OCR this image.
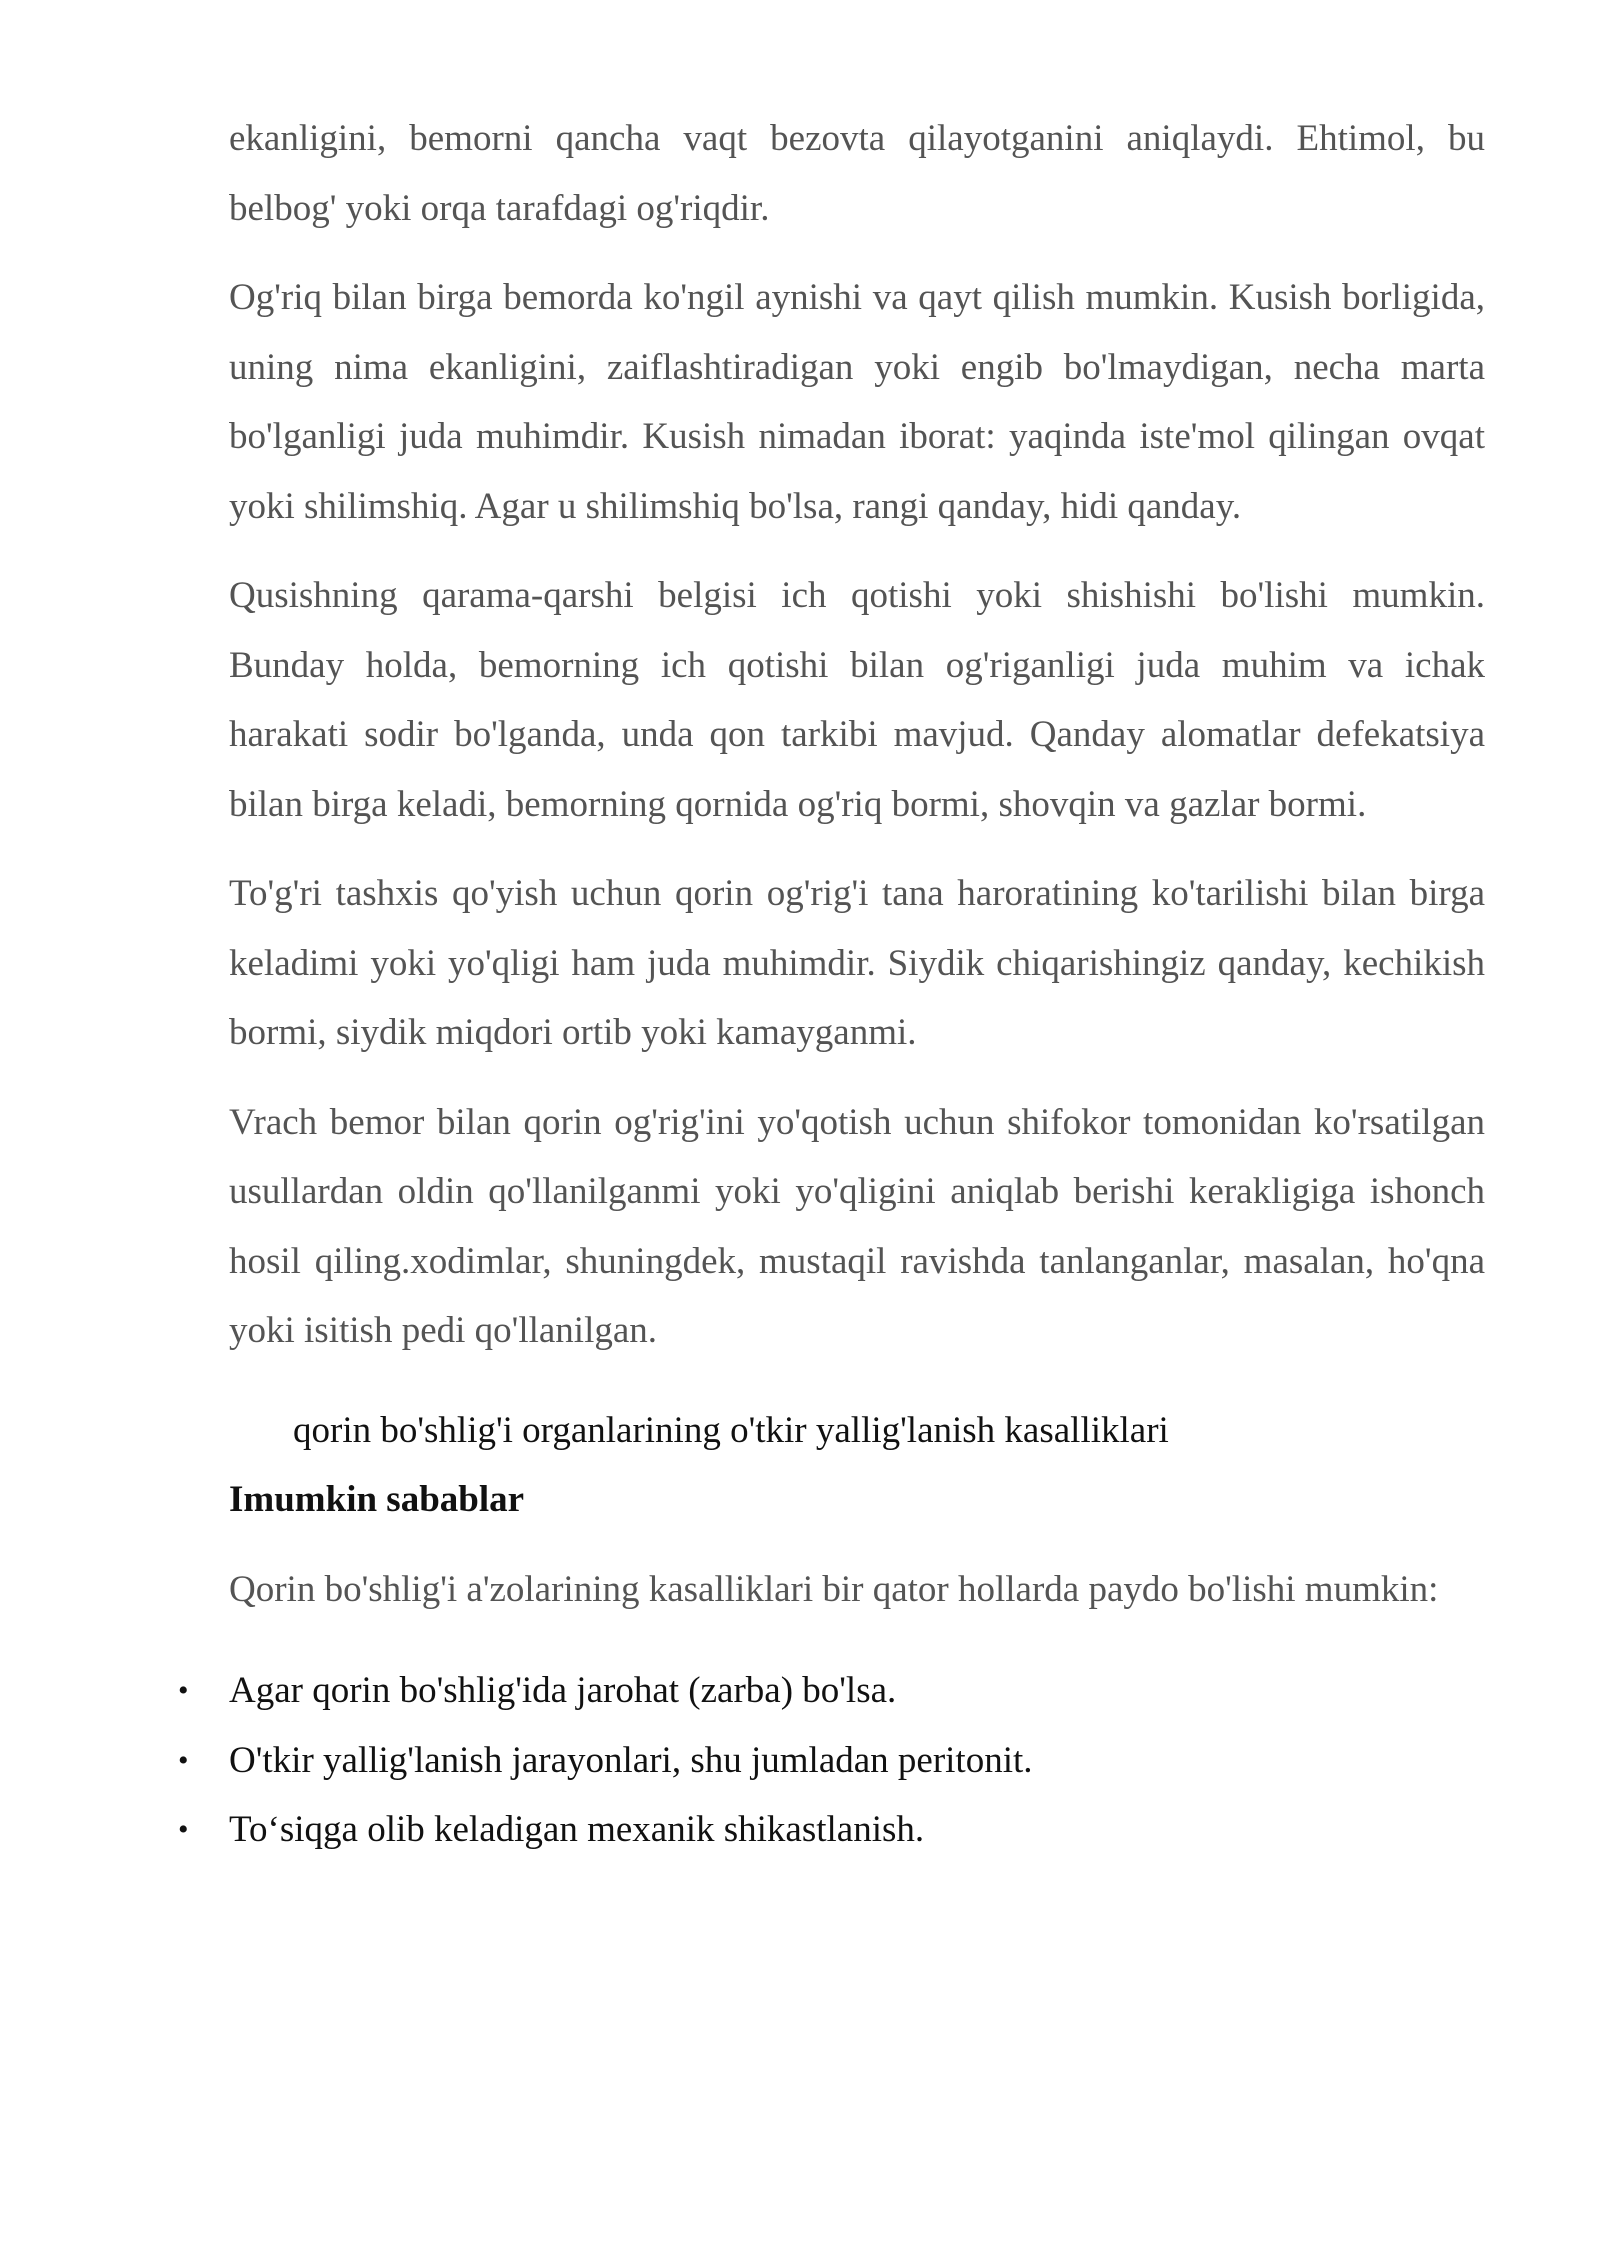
ekanligini, bemorni qancha vaqt bezovta qilayotganini aniqlaydi. Ehtimol, bu belbog' yoki orqa tarafdagi og'riqdir.

Og'riq bilan birga bemorda ko'ngil aynishi va qayt qilish mumkin. Kusish borligida, uning nima ekanligini, zaiflashtiradigan yoki engib bo'lmaydigan, necha marta bo'lganligi juda muhimdir. Kusish nimadan iborat: yaqinda iste'mol qilingan ovqat yoki shilimshiq. Agar u shilimshiq bo'lsa, rangi qanday, hidi qanday.

Qusishning qarama-qarshi belgisi ich qotishi yoki shishishi bo'lishi mumkin. Bunday holda, bemorning ich qotishi bilan og'riganligi juda muhim va ichak harakati sodir bo'lganda, unda qon tarkibi mavjud. Qanday alomatlar defekatsiya bilan birga keladi, bemorning qornida og'riq bormi, shovqin va gazlar bormi.

To'g'ri tashxis qo'yish uchun qorin og'rig'i tana haroratining ko'tarilishi bilan birga keladimi yoki yo'qligi ham juda muhimdir. Siydik chiqarishingiz qanday, kechikish bormi, siydik miqdori ortib yoki kamayganmi.

Vrach bemor bilan qorin og'rig'ini yo'qotish uchun shifokor tomonidan ko'rsatilgan usullardan oldin qo'llanilganmi yoki yo'qligini aniqlab berishi kerakligiga ishonch hosil qiling.xodimlar, shuningdek, mustaqil ravishda tanlanganlar, masalan, ho'qna yoki isitish pedi qo'llanilgan.

qorin bo'shlig'i organlarining o'tkir yallig'lanish kasalliklari

Imumkin sabablar

Qorin bo'shlig'i a'zolarining kasalliklari bir qator hollarda paydo bo'lishi mumkin:

• Agar qorin bo'shlig'ida jarohat (zarba) bo'lsa.
• O'tkir yallig'lanish jarayonlari, shu jumladan peritonit.
• To‘siqga olib keladigan mexanik shikastlanish.
